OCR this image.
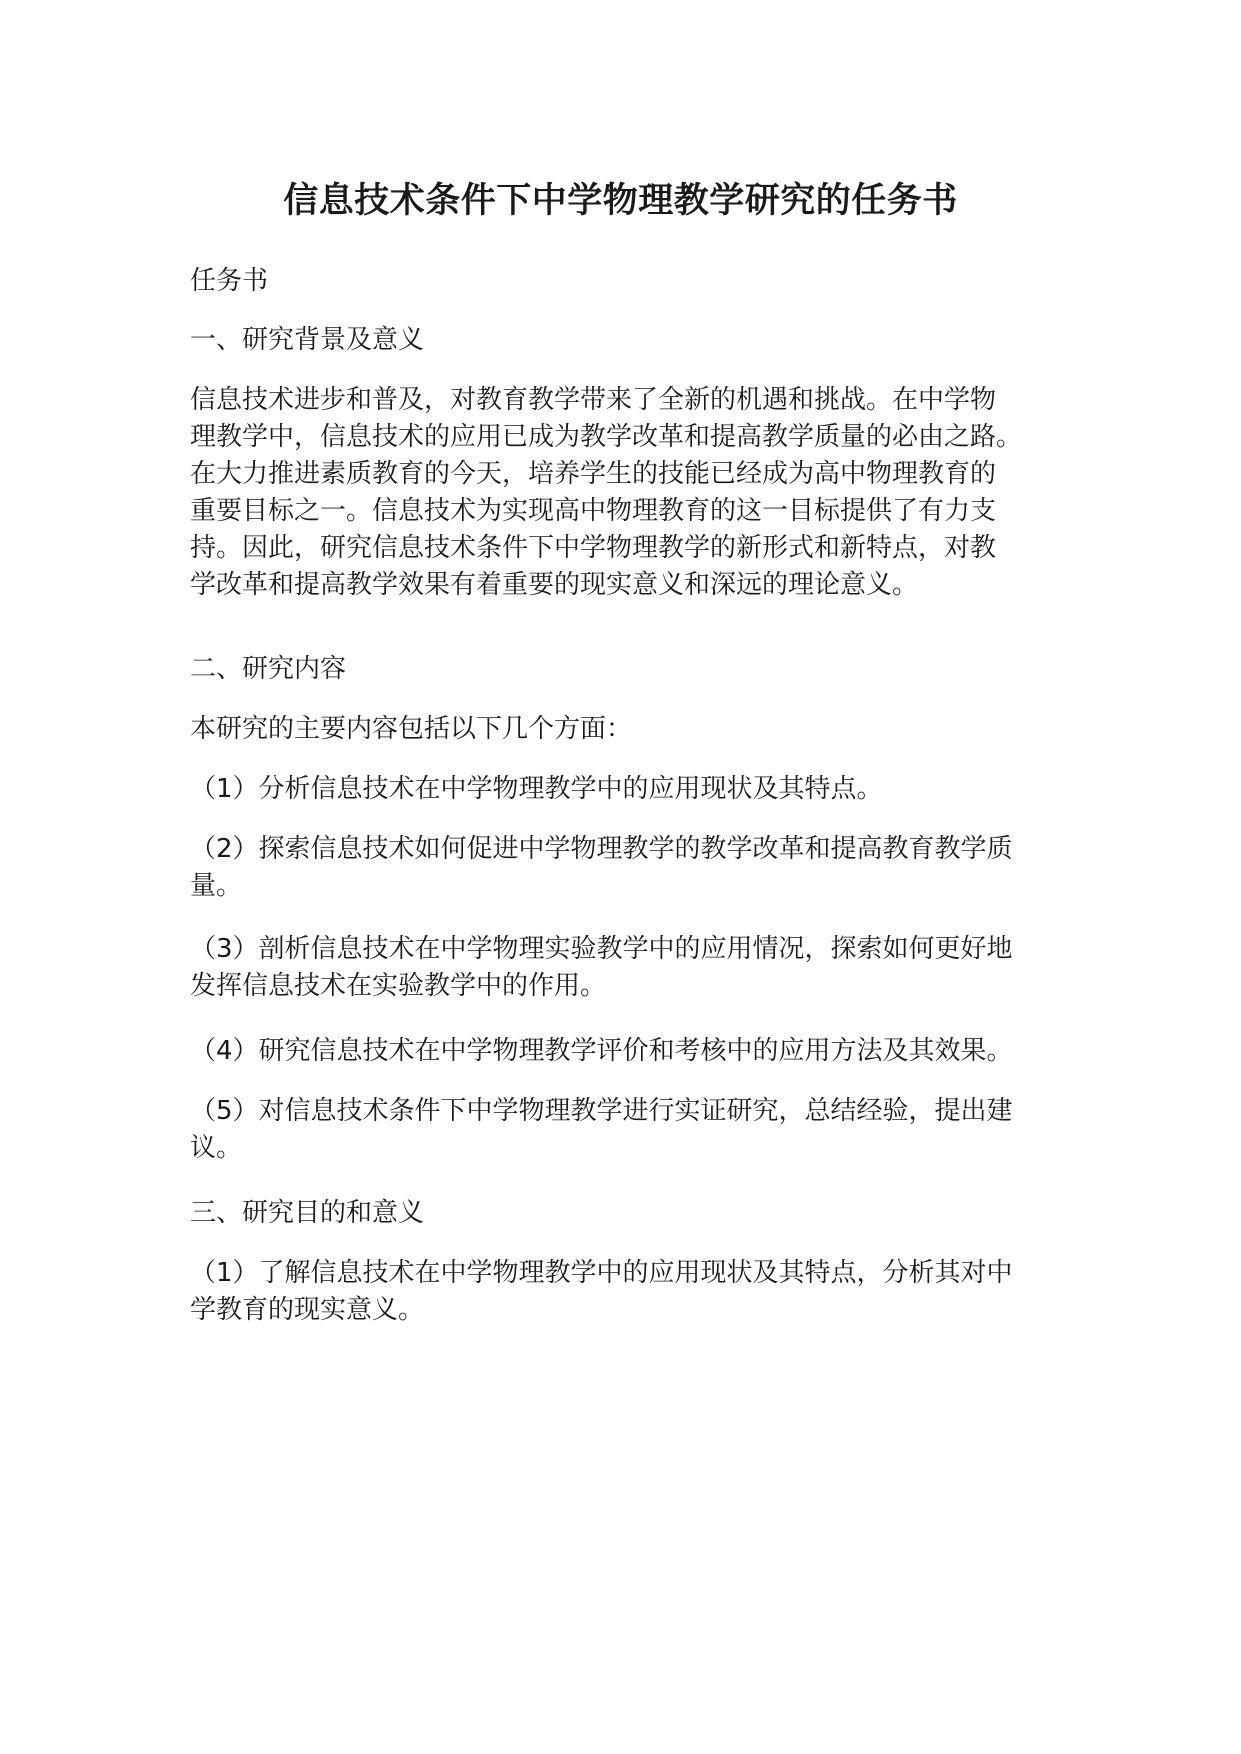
信息技术条件下中学物理教学研究的任务书

任务书

一、研究背景及意义

信息技术进步和普及，对教育教学带来了全新的机遇和挑战。在中学物
理教学中，信息技术的应用已成为教学改革和提高教学质量的必由之路。
在大力推进素质教育的今天，培养学生的技能已经成为高中物理教育的
重要目标之一。信息技术为实现高中物理教育的这一目标提供了有力支
持。因此，研究信息技术条件下中学物理教学的新形式和新特点，对教
学改革和提高教学效果有着重要的现实意义和深远的理论意义。

二、研究内容

本研究的主要内容包括以下几个方面：

（1）分析信息技术在中学物理教学中的应用现状及其特点。
（2）探索信息技术如何促进中学物理教学的教学改革和提高教育教学质
量。
（3）剖析信息技术在中学物理实验教学中的应用情况，探索如何更好地
发挥信息技术在实验教学中的作用。
（4）研究信息技术在中学物理教学评价和考核中的应用方法及其效果。
（5）对信息技术条件下中学物理教学进行实证研究，总结经验，提出建
议。

三、研究目的和意义

（1）了解信息技术在中学物理教学中的应用现状及其特点，分析其对中
学教育的现实意义。
